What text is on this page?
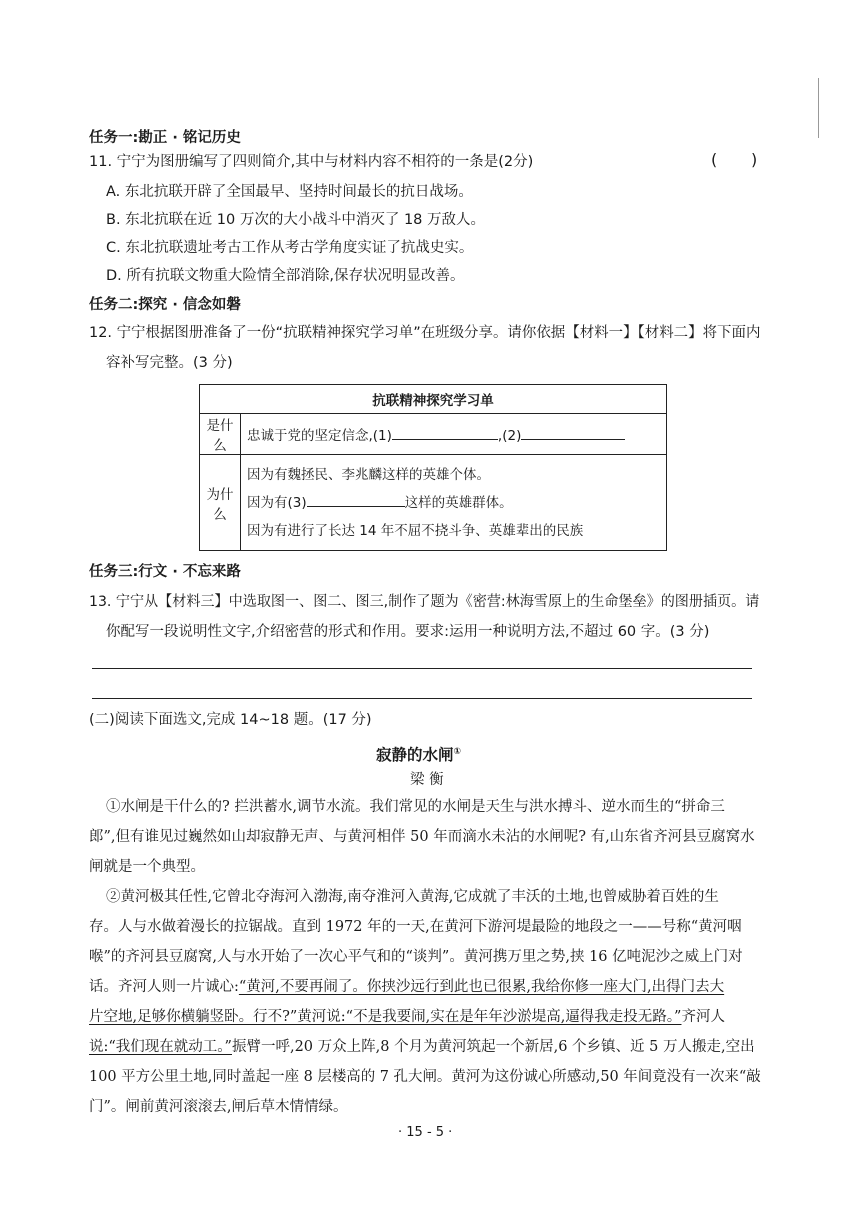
任务一:勘正 · 铭记历史
11. 宁宁为图册编写了四则简介,其中与材料内容不相符的一条是(2分)	( )
A. 东北抗联开辟了全国最早、坚持时间最长的抗日战场。
B. 东北抗联在近 10 万次的大小战斗中消灭了 18 万敌人。
C. 东北抗联遗址考古工作从考古学角度实证了抗战史实。
D. 所有抗联文物重大险情全部消除,保存状况明显改善。
任务二:探究 · 信念如磐
12. 宁宁根据图册准备了一份“抗联精神探究学习单”在班级分享。请你依据【材料一】【材料二】将下面内
容补写完整。(3 分)
抗联精神探究学习单	
是什么	忠诚于党的坚定信念,(1) ,(2)
为什么	因为有魏拯民、李兆麟这样的英雄个体。
因为有(3) 这样的英雄群体。
因为有进行了长达 14 年不屈不挠斗争、英雄辈出的民族
任务三:行文 · 不忘来路
13. 宁宁从【材料三】中选取图一、图二、图三,制作了题为《密营:林海雪原上的生命堡垒》的图册插页。请
你配写一段说明性文字,介绍密营的形式和作用。要求:运用一种说明方法,不超过 60 字。(3 分)
(二)阅读下面选文,完成 14~18 题。(17 分)
寂静的水闸①
梁 衡
①水闸是干什么的? 拦洪蓄水,调节水流。我们常见的水闸是天生与洪水搏斗、逆水而生的“拼命三
郎”,但有谁见过巍然如山却寂静无声、与黄河相伴 50 年而滴水未沾的水闸呢? 有,山东省齐河县豆腐窝水
闸就是一个典型。
②黄河极其任性,它曾北夺海河入渤海,南夺淮河入黄海,它成就了丰沃的土地,也曾威胁着百姓的生
存。人与水做着漫长的拉锯战。直到 1972 年的一天,在黄河下游河堤最险的地段之一——号称“黄河咽
喉”的齐河县豆腐窝,人与水开始了一次心平气和的“谈判”。黄河携万里之势,挟 16 亿吨泥沙之威上门对
话。齐河人则一片诚心:“黄河,不要再闹了。你挟沙远行到此也已很累,我给你修一座大门,出得门去大
片空地,足够你横躺竖卧。行不?”黄河说:“不是我要闹,实在是年年沙淤堤高,逼得我走投无路。”齐河人
说:“我们现在就动工。”振臂一呼,20 万众上阵,8 个月为黄河筑起一个新居,6 个乡镇、近 5 万人搬走,空出
100 平方公里土地,同时盖起一座 8 层楼高的 7 孔大闸。黄河为这份诚心所感动,50 年间竟没有一次来“敲
门”。闸前黄河滚滚去,闸后草木情情绿。
· 15 - 5 ·
